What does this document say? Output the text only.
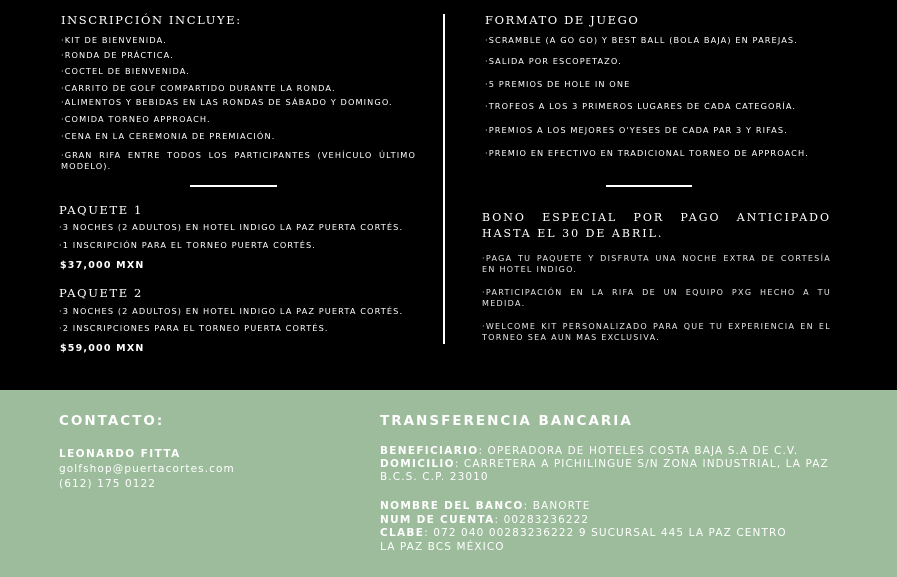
INSCRIPCIÓN INCLUYE:
·KIT DE BIENVENIDA.
·RONDA DE PRÁCTICA.
·COCTEL DE BIENVENIDA.
·CARRITO DE GOLF COMPARTIDO DURANTE LA RONDA.
·ALIMENTOS Y BEBIDAS EN LAS RONDAS DE SÁBADO Y DOMINGO.
·COMIDA TORNEO APPROACH.
·CENA EN LA CEREMONIA DE PREMIACIÓN.
·GRAN RIFA ENTRE TODOS LOS PARTICIPANTES (VEHÍCULO ÚLTIMO MODELO).
PAQUETE 1
·3 NOCHES (2 ADULTOS) EN HOTEL INDIGO LA PAZ PUERTA CORTÉS.
·1 INSCRIPCIÓN PARA EL TORNEO PUERTA CORTÉS.
$37,000 MXN
PAQUETE 2
·3 NOCHES (2 ADULTOS) EN HOTEL INDIGO LA PAZ PUERTA CORTÉS.
·2 INSCRIPCIONES PARA EL TORNEO PUERTA CORTÉS.
$59,000 MXN
FORMATO DE JUEGO
·SCRAMBLE (A GO GO) Y BEST BALL (BOLA BAJA) EN PAREJAS.
·SALIDA POR ESCOPETAZO.
·5 PREMIOS DE HOLE IN ONE
·TROFEOS A LOS 3 PRIMEROS LUGARES DE CADA CATEGORÍA.
·PREMIOS A LOS MEJORES O'YESES DE CADA PAR 3 Y RIFAS.
·PREMIO EN EFECTIVO EN TRADICIONAL TORNEO DE APPROACH.
BONO ESPECIAL POR PAGO ANTICIPADO HASTA EL 30 DE ABRIL.
·PAGA TU PAQUETE Y DISFRUTA UNA NOCHE EXTRA DE CORTESÍA EN HOTEL INDIGO.
·PARTICIPACIÓN EN LA RIFA DE UN EQUIPO PXG HECHO A TU MEDIDA.
·WELCOME KIT PERSONALIZADO PARA QUE TU EXPERIENCIA EN EL TORNEO SEA AUN MAS EXCLUSIVA.
CONTACTO:
LEONARDO FITTA
golfshop@puertacortes.com
(612) 175 0122
TRANSFERENCIA BANCARIA
BENEFICIARIO: OPERADORA DE HOTELES COSTA BAJA S.A DE C.V.
DOMICILIO: CARRETERA A PICHILINGUE S/N ZONA INDUSTRIAL, LA PAZ
B.C.S. C.P. 23010
NOMBRE DEL BANCO: BANORTE
NUM DE CUENTA: 00283236222
CLABE: 072 040 00283236222 9 SUCURSAL 445 LA PAZ CENTRO
LA PAZ BCS MÉXICO
